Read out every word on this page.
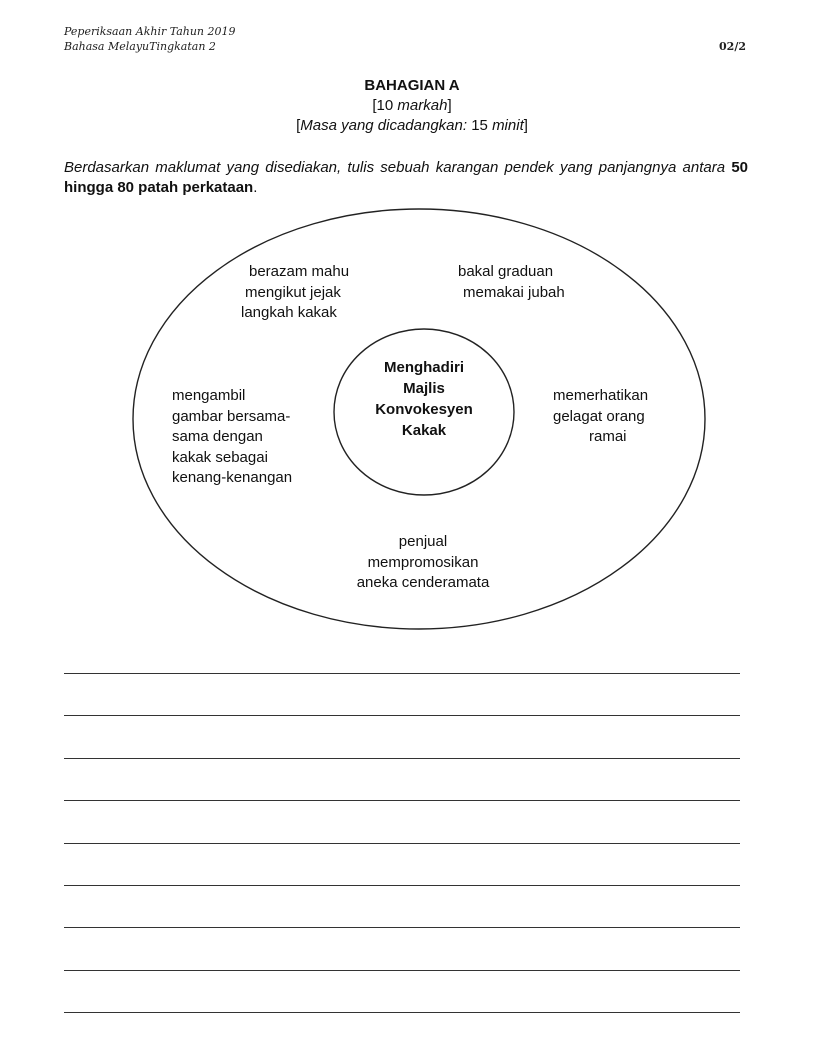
Peperiksaan Akhir Tahun 2019
Bahasa MelayuTingkatan 2	02/2
BAHAGIAN A
[10 markah]
[Masa yang dicadangkan: 15 minit]
Berdasarkan maklumat yang disediakan, tulis sebuah karangan pendek yang panjangnya antara 50 hingga 80 patah perkataan.
Menghadiri
Majlis
Konvokesyen
Kakak
berazam mahu
mengikut jejak
langkah kakak
bakal graduan
memakai jubah
mengambil
gambar bersama-
sama dengan
kakak sebagai
kenang-kenangan
memerhatikan
gelagat orang
ramai
penjual
mempromosikan
aneka cenderamata
